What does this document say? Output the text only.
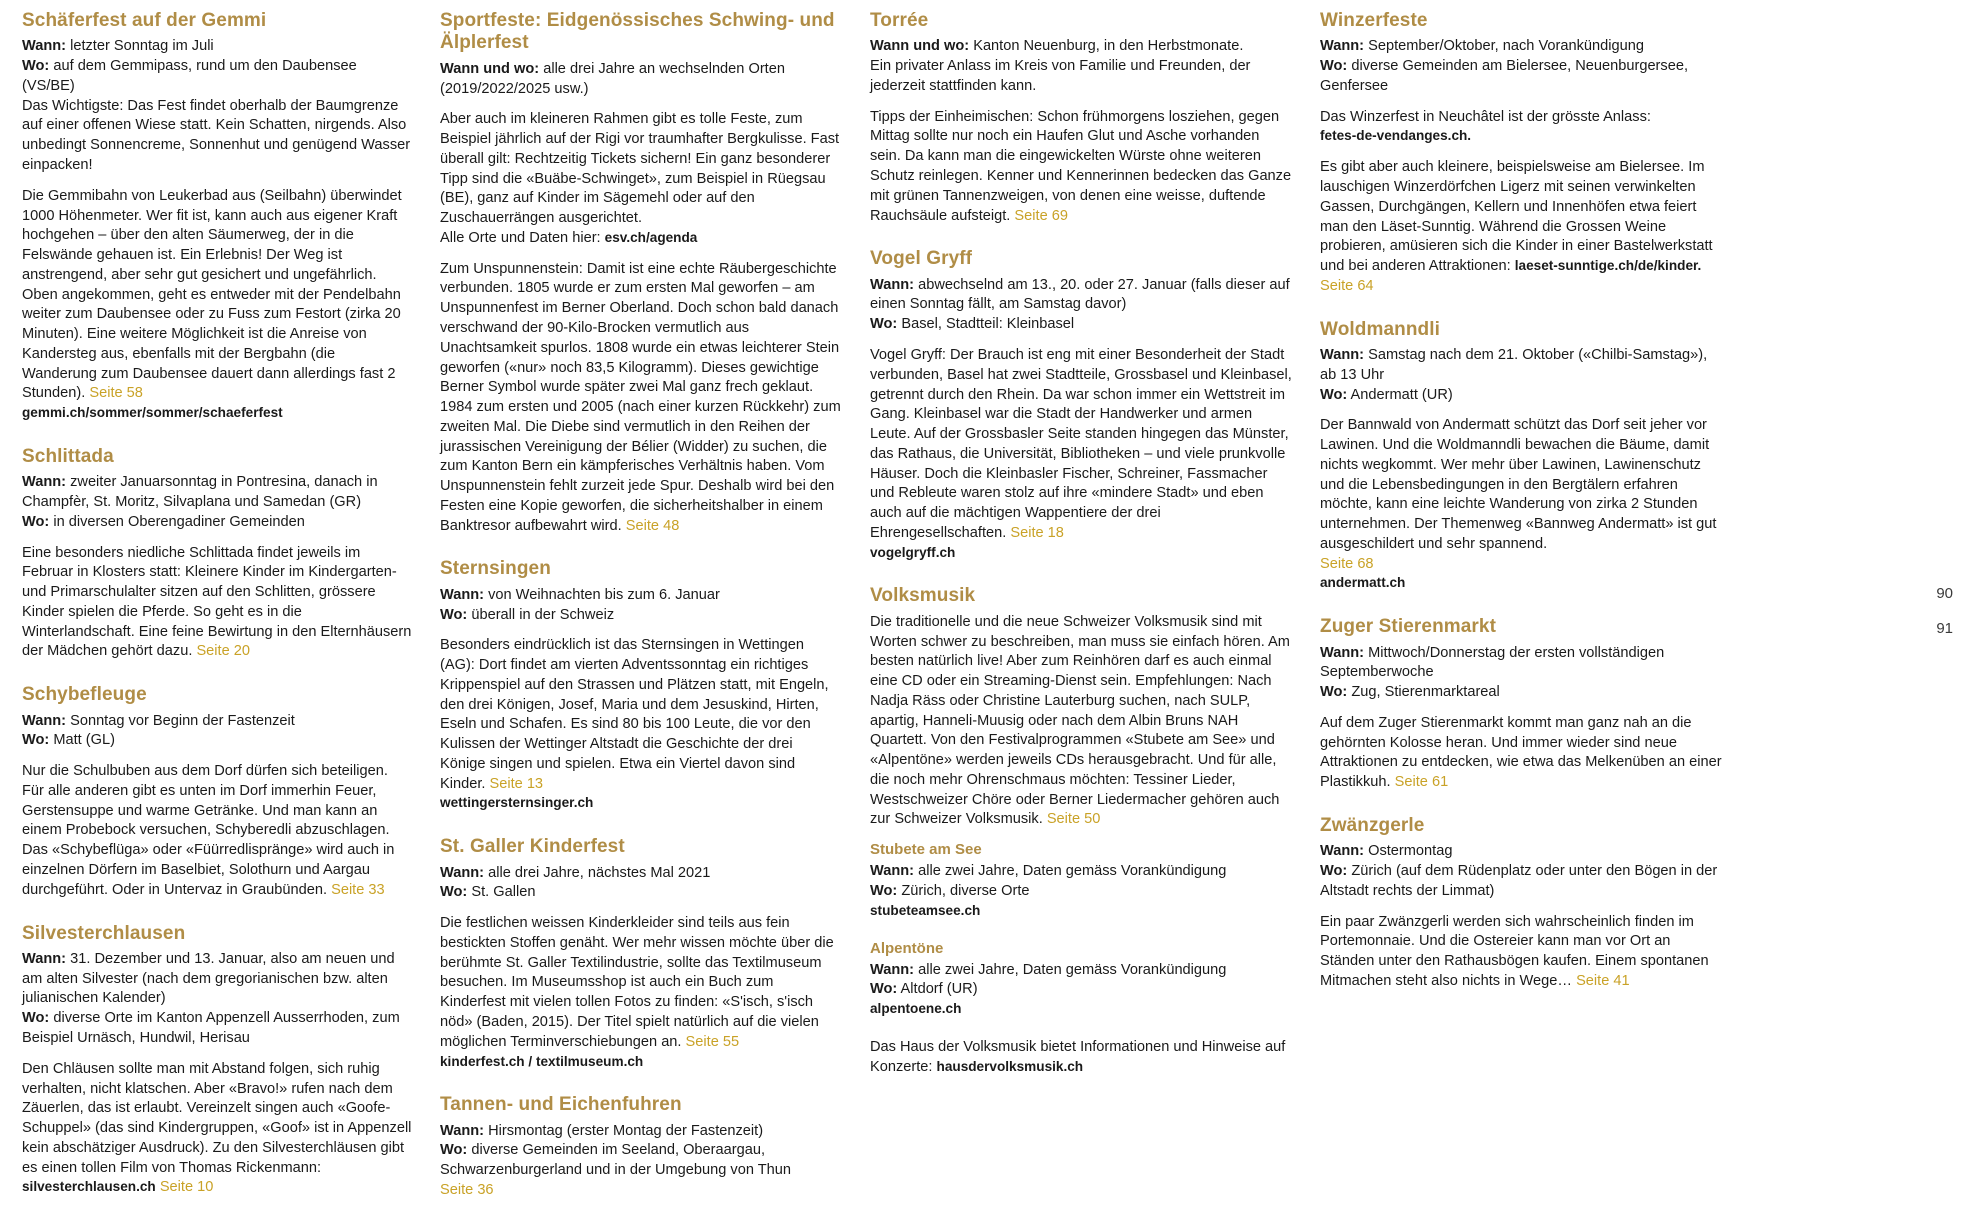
90
91
Schäferfest auf der Gemmi

Wann: letzter Sonntag im Juli
Wo: auf dem Gemmipass, rund um den Daubensee (VS/BE)
Das Wichtigste: Das Fest findet oberhalb der Baumgrenze auf einer offenen Wiese statt. Kein Schatten, nirgends. Also unbedingt Sonnencreme, Sonnenhut und genügend Wasser einpacken!

Die Gemmibahn von Leukerbad aus (Seilbahn) überwindet 1000 Höhenmeter. Wer fit ist, kann auch aus eigener Kraft hochgehen – über den alten Säumerweg, der in die Felswände gehauen ist. Ein Erlebnis! Der Weg ist anstrengend, aber sehr gut gesichert und ungefährlich. Oben angekommen, geht es entweder mit der Pendelbahn weiter zum Daubensee oder zu Fuss zum Festort (zirka 20 Minuten). Eine weitere Möglichkeit ist die Anreise von Kandersteg aus, ebenfalls mit der Bergbahn (die Wanderung zum Daubensee dauert dann allerdings fast 2 Stunden). Seite 58
gemmi.ch/sommer/sommer/schaeferfest

Schlittada

Wann: zweiter Januarsonntag in Pontresina, danach in Champfèr, St. Moritz, Silvaplana und Samedan (GR)
Wo: in diversen Oberengadiner Gemeinden

Eine besonders niedliche Schlittada findet jeweils im Februar in Klosters statt: Kleinere Kinder im Kindergarten- und Primarschulalter sitzen auf den Schlitten, grössere Kinder spielen die Pferde. So geht es in die Winterlandschaft. Eine feine Bewirtung in den Elternhäusern der Mädchen gehört dazu. Seite 20

Schybefleuge

Wann: Sonntag vor Beginn der Fastenzeit
Wo: Matt (GL)

Nur die Schulbuben aus dem Dorf dürfen sich beteiligen. Für alle anderen gibt es unten im Dorf immerhin Feuer, Gerstensuppe und warme Getränke. Und man kann an einem Probebock versuchen, Schyberedli abzuschlagen. Das «Schybeflüga» oder «Füürredlispränge» wird auch in einzelnen Dörfern im Baselbiet, Solothurn und Aargau durchgeführt. Oder in Untervaz in Graubünden. Seite 33

Silvesterchlausen

Wann: 31. Dezember und 13. Januar, also am neuen und am alten Silvester (nach dem gregorianischen bzw. alten julianischen Kalender)
Wo: diverse Orte im Kanton Appenzell Ausserrhoden, zum Beispiel Urnäsch, Hundwil, Herisau

Den Chläusen sollte man mit Abstand folgen, sich ruhig verhalten, nicht klatschen. Aber «Bravo!» rufen nach dem Zäuerlen, das ist erlaubt. Vereinzelt singen auch «Goofe-Schuppel» (das sind Kindergruppen, «Goof» ist in Appenzell kein abschätziger Ausdruck). Zu den Silvesterchläusen gibt es einen tollen Film von Thomas Rickenmann:
silvesterchlausen.ch Seite 10

Sportfeste: Eidgenössisches Schwing- und Älplerfest

Wann und wo: alle drei Jahre an wechselnden Orten (2019/2022/2025 usw.)

Aber auch im kleineren Rahmen gibt es tolle Feste, zum Beispiel jährlich auf der Rigi vor traumhafter Bergkulisse. Fast überall gilt: Rechtzeitig Tickets sichern! Ein ganz besonderer Tipp sind die «Buäbe-Schwinget», zum Beispiel in Rüegsau (BE), ganz auf Kinder im Sägemehl oder auf den Zuschauerrängen ausgerichtet.
Alle Orte und Daten hier: esv.ch/agenda

Zum Unspunnenstein: Damit ist eine echte Räubergeschichte verbunden. 1805 wurde er zum ersten Mal geworfen – am Unspunnenfest im Berner Oberland. Doch schon bald danach verschwand der 90-Kilo-Brocken vermutlich aus Unachtsamkeit spurlos. 1808 wurde ein etwas leichterer Stein geworfen («nur» noch 83,5 Kilogramm). Dieses gewichtige Berner Symbol wurde später zwei Mal ganz frech geklaut. 1984 zum ersten und 2005 (nach einer kurzen Rückkehr) zum zweiten Mal. Die Diebe sind vermutlich in den Reihen der jurassischen Vereinigung der Bélier (Widder) zu suchen, die zum Kanton Bern ein kämpferisches Verhältnis haben. Vom Unspunnenstein fehlt zurzeit jede Spur. Deshalb wird bei den Festen eine Kopie geworfen, die sicherheitshalber in einem Banktresor aufbewahrt wird. Seite 48

Sternsingen

Wann: von Weihnachten bis zum 6. Januar
Wo: überall in der Schweiz

Besonders eindrücklich ist das Sternsingen in Wettingen (AG): Dort findet am vierten Adventssonntag ein richtiges Krippenspiel auf den Strassen und Plätzen statt, mit Engeln, den drei Königen, Josef, Maria und dem Jesuskind, Hirten, Eseln und Schafen. Es sind 80 bis 100 Leute, die vor den Kulissen der Wettinger Altstadt die Geschichte der drei Könige singen und spielen. Etwa ein Viertel davon sind Kinder. Seite 13
wettingersternsinger.ch

St. Galler Kinderfest

Wann: alle drei Jahre, nächstes Mal 2021
Wo: St. Gallen

Die festlichen weissen Kinderkleider sind teils aus fein bestickten Stoffen genäht. Wer mehr wissen möchte über die berühmte St. Galler Textilindustrie, sollte das Textilmuseum besuchen. Im Museumsshop ist auch ein Buch zum Kinderfest mit vielen tollen Fotos zu finden: «S'isch, s'isch nöd» (Baden, 2015). Der Titel spielt natürlich auf die vielen möglichen Terminverschiebungen an. Seite 55
kinderfest.ch / textilmuseum.ch

Tannen- und Eichenfuhren

Wann: Hirsmontag (erster Montag der Fastenzeit)
Wo: diverse Gemeinden im Seeland, Oberaargau, Schwarzenburgerland und in der Umgebung von Thun
Seite 36

Torrée

Wann und wo: Kanton Neuenburg, in den Herbstmonate.
Ein privater Anlass im Kreis von Familie und Freunden, der jederzeit stattfinden kann.

Tipps der Einheimischen: Schon frühmorgens losziehen, gegen Mittag sollte nur noch ein Haufen Glut und Asche vorhanden sein. Da kann man die eingewickelten Würste ohne weiteren Schutz reinlegen. Kenner und Kennerinnen bedecken das Ganze mit grünen Tannenzweigen, von denen eine weisse, duftende Rauchsäule aufsteigt. Seite 69

Vogel Gryff

Wann: abwechselnd am 13., 20. oder 27. Januar (falls dieser auf einen Sonntag fällt, am Samstag davor)
Wo: Basel, Stadtteil: Kleinbasel

Vogel Gryff: Der Brauch ist eng mit einer Besonderheit der Stadt verbunden, Basel hat zwei Stadtteile, Grossbasel und Kleinbasel, getrennt durch den Rhein. Da war schon immer ein Wettstreit im Gang. Kleinbasel war die Stadt der Handwerker und armen Leute. Auf der Grossbasler Seite standen hingegen das Münster, das Rathaus, die Universität, Bibliotheken – und viele prunkvolle Häuser. Doch die Kleinbasler Fischer, Schreiner, Fassmacher und Rebleute waren stolz auf ihre «mindere Stadt» und eben auch auf die mächtigen Wappentiere der drei Ehrengesellschaften. Seite 18
vogelgryff.ch

Volksmusik

Die traditionelle und die neue Schweizer Volksmusik sind mit Worten schwer zu beschreiben, man muss sie einfach hören. Am besten natürlich live! Aber zum Reinhören darf es auch einmal eine CD oder ein Streaming-Dienst sein. Empfehlungen: Nach Nadja Räss oder Christine Lauterburg suchen, nach SULP, apartig, Hanneli-Muusig oder nach dem Albin Bruns NAH Quartett. Von den Festivalprogrammen «Stubete am See» und «Alpentöne» werden jeweils CDs herausgebracht. Und für alle, die noch mehr Ohrenschmaus möchten: Tessiner Lieder, Westschweizer Chöre oder Berner Liedermacher gehören auch zur Schweizer Volksmusik. Seite 50

Stubete am See

Wann: alle zwei Jahre, Daten gemäss Vorankündigung
Wo: Zürich, diverse Orte
stubeteamsee.ch

Alpentöne

Wann: alle zwei Jahre, Daten gemäss Vorankündigung
Wo: Altdorf (UR)
alpentoene.ch

Das Haus der Volksmusik bietet Informationen und Hinweise auf Konzerte: hausdervolksmusik.ch

Winzerfeste

Wann: September/Oktober, nach Vorankündigung
Wo: diverse Gemeinden am Bielersee, Neuenburgersee, Genfersee

Das Winzerfest in Neuchâtel ist der grösste Anlass:
fetes-de-vendanges.ch.

Es gibt aber auch kleinere, beispielsweise am Bielersee. Im lauschigen Winzerdörfchen Ligerz mit seinen verwinkelten Gassen, Durchgängen, Kellern und Innenhöfen etwa feiert man den Läset-Sunntig. Während die Grossen Weine probieren, amüsieren sich die Kinder in einer Bastelwerkstatt und bei anderen Attraktionen: laeset-sunntige.ch/de/kinder.
Seite 64

Woldmanndli

Wann: Samstag nach dem 21. Oktober («Chilbi-Samstag»), ab 13 Uhr
Wo: Andermatt (UR)

Der Bannwald von Andermatt schützt das Dorf seit jeher vor Lawinen. Und die Woldmanndli bewachen die Bäume, damit nichts wegkommt. Wer mehr über Lawinen, Lawinenschutz und die Lebensbedingungen in den Bergtälern erfahren möchte, kann eine leichte Wanderung von zirka 2 Stunden unternehmen. Der Themenweg «Bannweg Andermatt» ist gut ausgeschildert und sehr spannend.
Seite 68
andermatt.ch

Zuger Stierenmarkt

Wann: Mittwoch/Donnerstag der ersten vollständigen Septemberwoche
Wo: Zug, Stierenmarktareal

Auf dem Zuger Stierenmarkt kommt man ganz nah an die gehörnten Kolosse heran. Und immer wieder sind neue Attraktionen zu entdecken, wie etwa das Melkenüben an einer Plastikkuh. Seite 61

Zwänzgerle

Wann: Ostermontag
Wo: Zürich (auf dem Rüdenplatz oder unter den Bögen in der Altstadt rechts der Limmat)

Ein paar Zwänzgerli werden sich wahrscheinlich finden im Portemonnaie. Und die Ostereier kann man vor Ort an Ständen unter den Rathausbögen kaufen. Einem spontanen Mitmachen steht also nichts in Wege… Seite 41
